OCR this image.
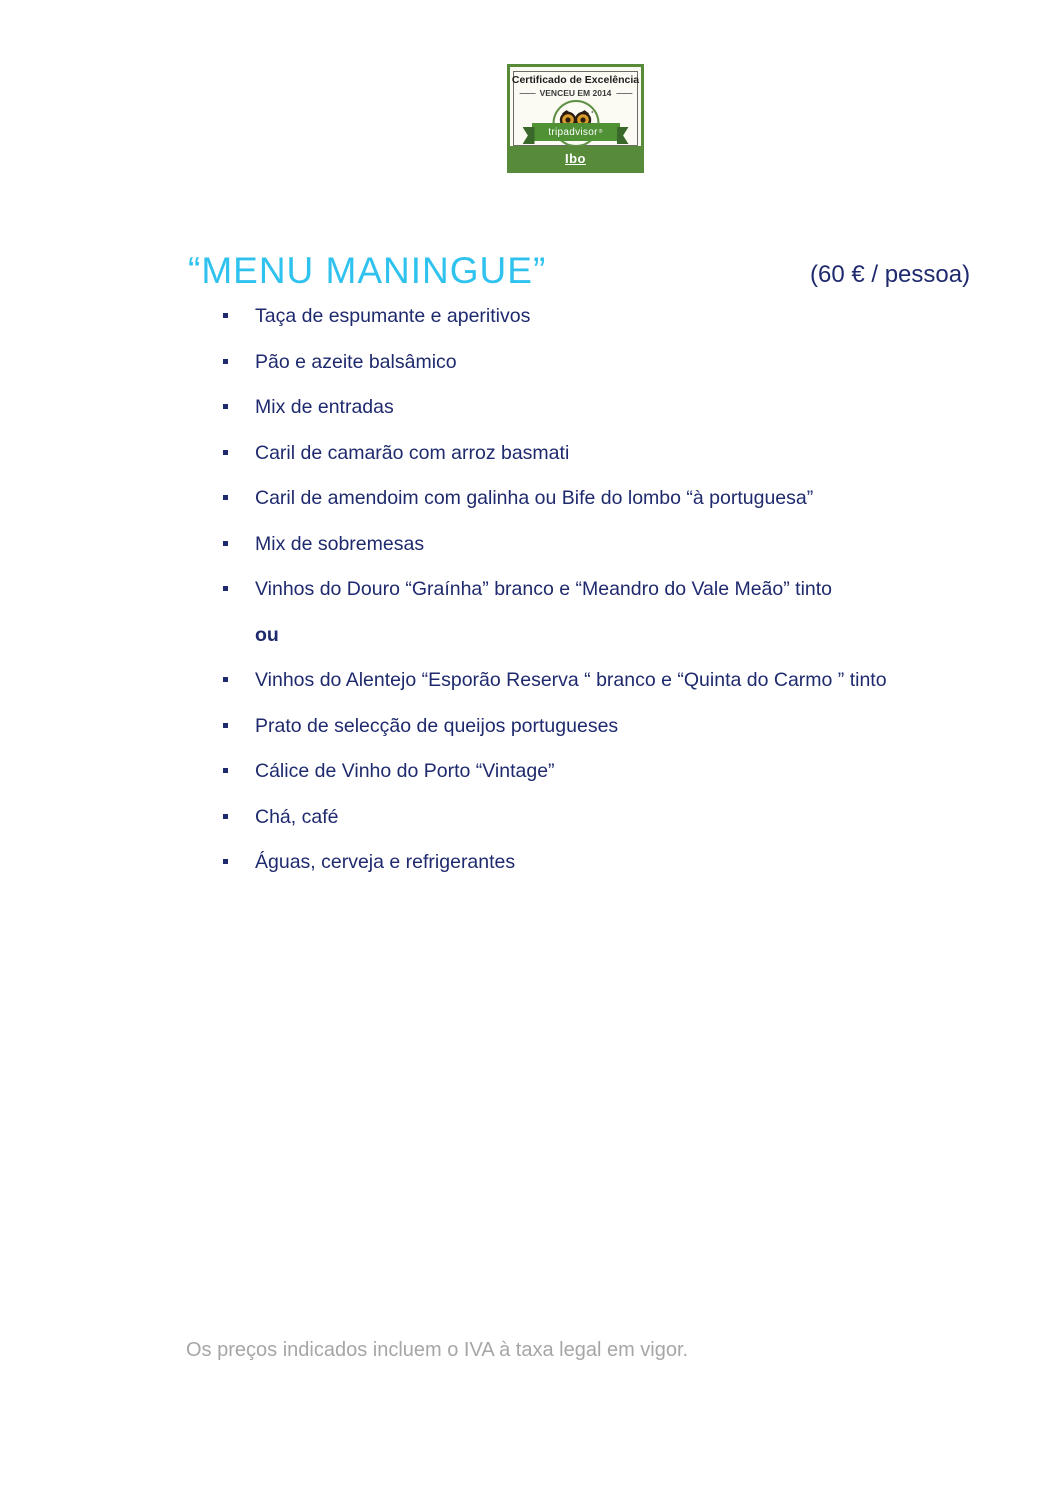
Certificado de Excelência
—— VENCEU EM 2014 ——
tripadvisor ®
Ibo
“MENU MANINGUE”	(60 € / pessoa)
Taça de espumante e aperitivos
Pão e azeite balsâmico
Mix de entradas
Caril de camarão com arroz basmati
Caril de amendoim com galinha ou Bife do lombo “à portuguesa”
Mix de sobremesas
Vinhos do Douro “Graínha” branco e “Meandro do Vale Meão” tinto
ou
Vinhos do Alentejo “Esporão Reserva “ branco e “Quinta do Carmo ” tinto
Prato de selecção de queijos portugueses
Cálice de Vinho do Porto “Vintage”
Chá, café
Águas, cerveja e refrigerantes
Os preços indicados incluem o IVA à taxa legal em vigor.
